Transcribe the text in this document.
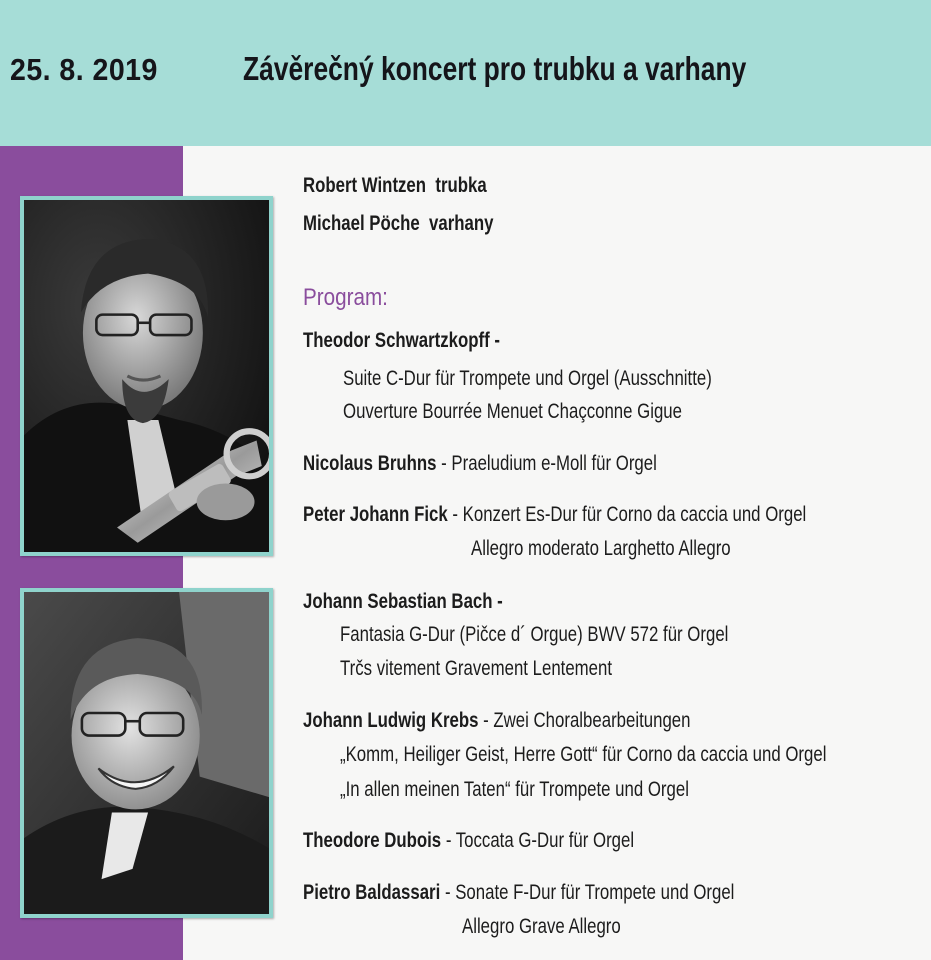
25. 8. 2019	Závěrečný koncert pro trubku a varhany
Robert Wintzen trubka
Michael Pöche varhany
Program:
Theodor Schwartzkopff -
Suite C-Dur für Trompete und Orgel (Ausschnitte)
Ouverture Bourrée Menuet Chaçconne Gigue
Nicolaus Bruhns - Praeludium e-Moll für Orgel
Peter Johann Fick - Konzert Es-Dur für Corno da caccia und Orgel
Allegro moderato Larghetto Allegro
Johann Sebastian Bach -
Fantasia G-Dur (Pičce d´ Orgue) BWV 572 für Orgel
Trčs vitement Gravement Lentement
Johann Ludwig Krebs - Zwei Choralbearbeitungen
„Komm, Heiliger Geist, Herre Gott“ für Corno da caccia und Orgel
„In allen meinen Taten“ für Trompete und Orgel
Theodore Dubois - Toccata G-Dur für Orgel
Pietro Baldassari - Sonate F-Dur für Trompete und Orgel
Allegro Grave Allegro
